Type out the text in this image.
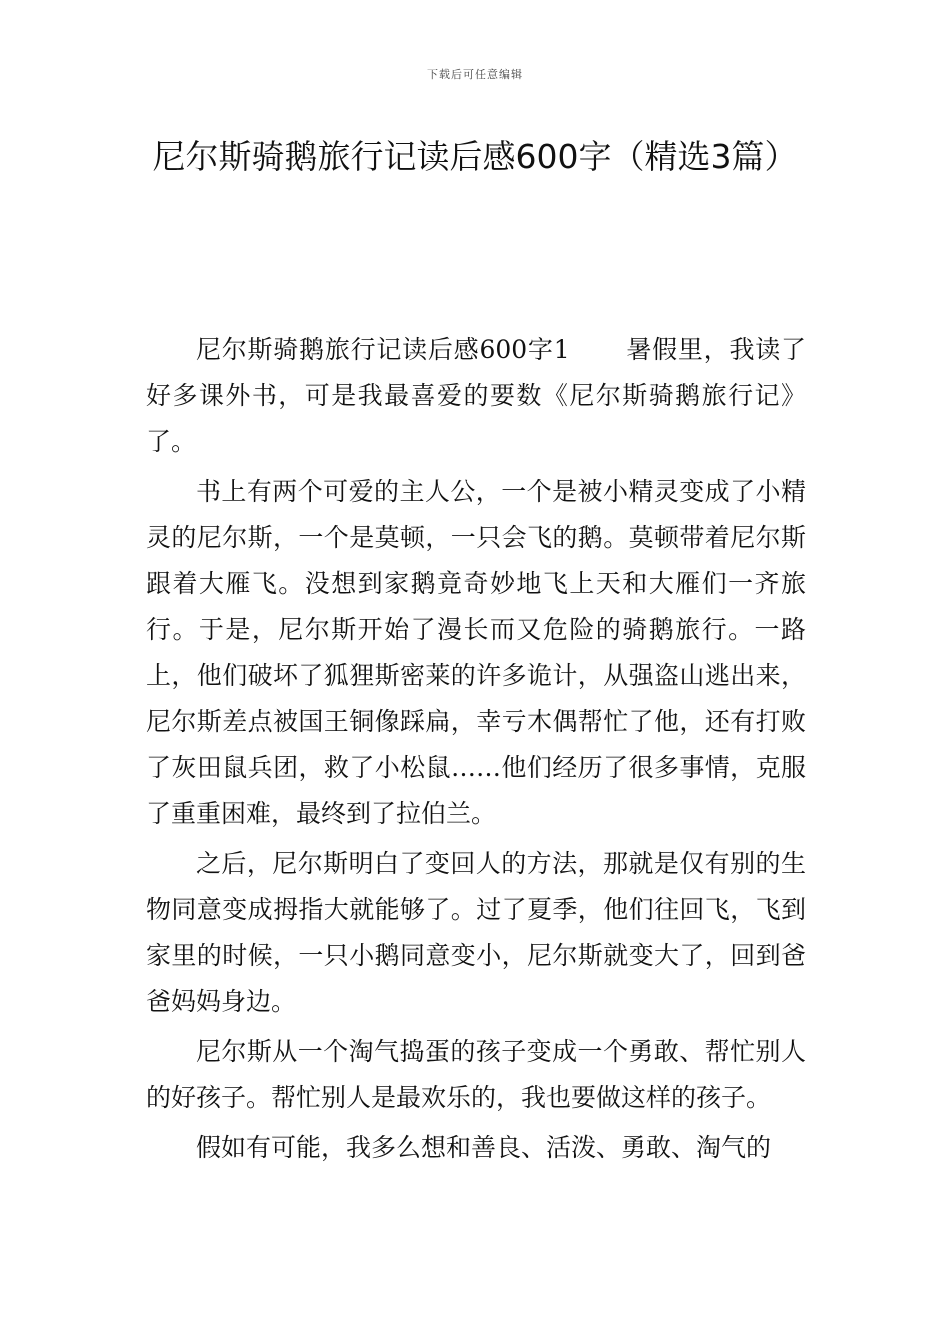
下载后可任意编辑
尼尔斯骑鹅旅行记读后感600字（精选3篇）

尼尔斯骑鹅旅行记读后感600字1 暑假里，我读了好多课外书，可是我最喜爱的要数《尼尔斯骑鹅旅行记》了。

书上有两个可爱的主人公，一个是被小精灵变成了小精灵的尼尔斯，一个是莫顿，一只会飞的鹅。莫顿带着尼尔斯跟着大雁飞。没想到家鹅竟奇妙地飞上天和大雁们一齐旅行。于是，尼尔斯开始了漫长而又危险的骑鹅旅行。一路上，他们破坏了狐狸斯密莱的许多诡计，从强盗山逃出来，尼尔斯差点被国王铜像踩扁，幸亏木偶帮忙了他，还有打败了灰田鼠兵团，救了小松鼠……他们经历了很多事情，克服了重重困难，最终到了拉伯兰。

之后，尼尔斯明白了变回人的方法，那就是仅有别的生物同意变成拇指大就能够了。过了夏季，他们往回飞，飞到家里的时候，一只小鹅同意变小，尼尔斯就变大了，回到爸爸妈妈身边。

尼尔斯从一个淘气捣蛋的孩子变成一个勇敢、帮忙别人的好孩子。帮忙别人是最欢乐的，我也要做这样的孩子。

假如有可能，我多么想和善良、活泼、勇敢、淘气的
